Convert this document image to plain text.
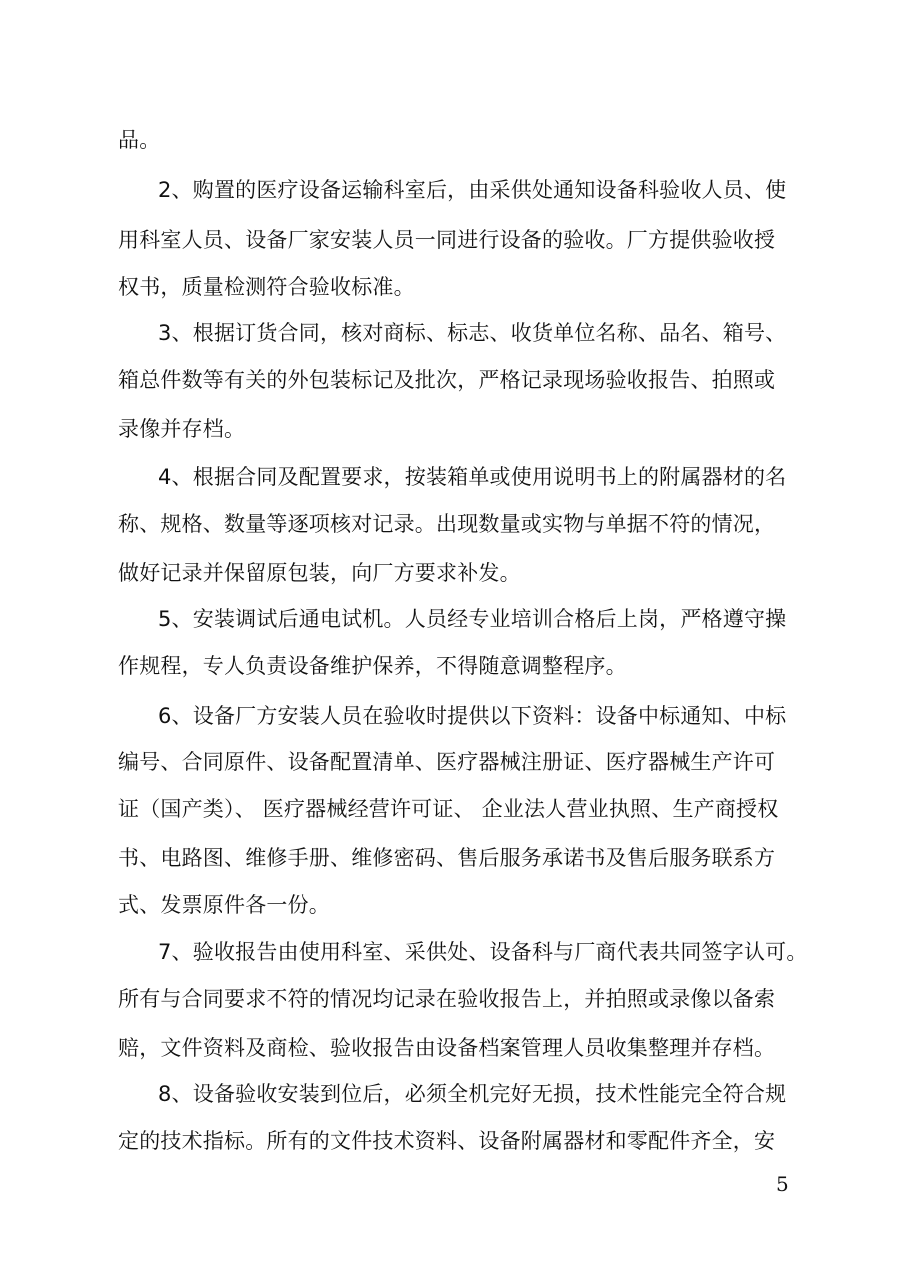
品。
2、购置的医疗设备运输科室后，由采供处通知设备科验收人员、使
用科室人员、设备厂家安装人员一同进行设备的验收。厂方提供验收授
权书，质量检测符合验收标准。
3、根据订货合同，核对商标、标志、收货单位名称、品名、箱号、
箱总件数等有关的外包装标记及批次，严格记录现场验收报告、拍照或
录像并存档。
4、根据合同及配置要求，按装箱单或使用说明书上的附属器材的名
称、规格、数量等逐项核对记录。出现数量或实物与单据不符的情况，
做好记录并保留原包装，向厂方要求补发。
5、安装调试后通电试机。人员经专业培训合格后上岗，严格遵守操
作规程，专人负责设备维护保养，不得随意调整程序。
6、设备厂方安装人员在验收时提供以下资料：设备中标通知、中标
编号、合同原件、设备配置清单、医疗器械注册证、医疗器械生产许可
证（国产类）、 医疗器械经营许可证、 企业法人营业执照、生产商授权
书、电路图、维修手册、维修密码、售后服务承诺书及售后服务联系方
式、发票原件各一份。
7、验收报告由使用科室、采供处、设备科与厂商代表共同签字认可。
所有与合同要求不符的情况均记录在验收报告上，并拍照或录像以备索
赔，文件资料及商检、验收报告由设备档案管理人员收集整理并存档。
8、设备验收安装到位后，必须全机完好无损，技术性能完全符合规
定的技术指标。所有的文件技术资料、设备附属器材和零配件齐全，安
5
